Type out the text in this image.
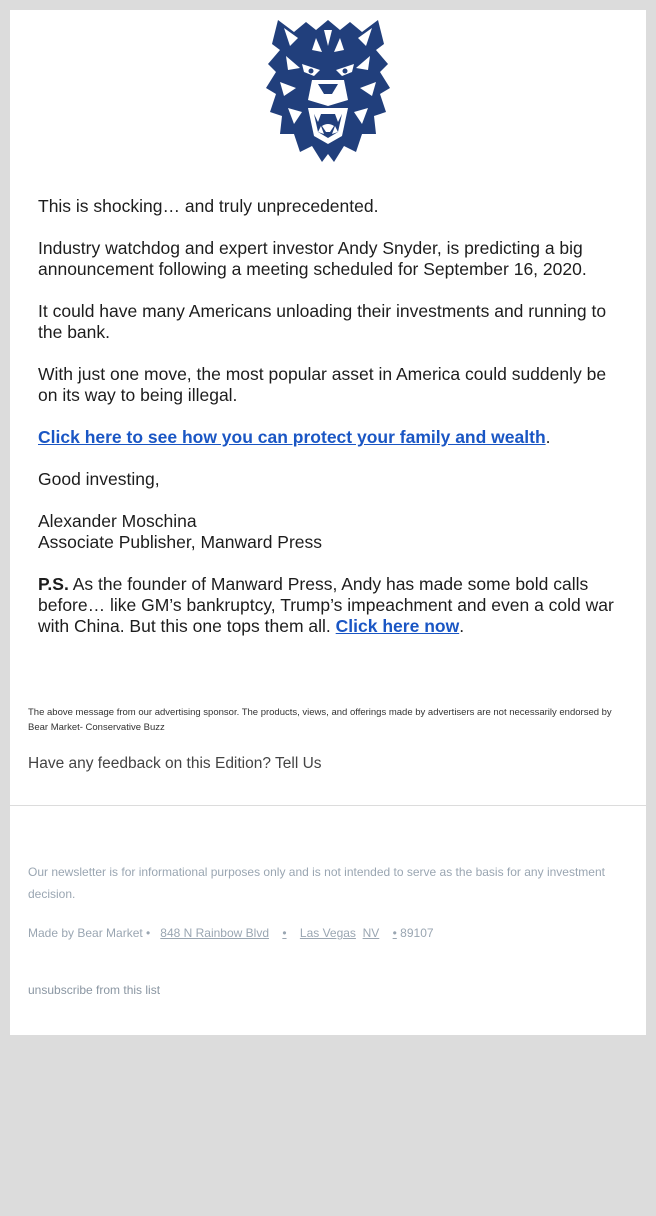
This is shocking… and truly unprecedented.

Industry watchdog and expert investor Andy Snyder, is predicting a big announcement following a meeting scheduled for September 16, 2020.

It could have many Americans unloading their investments and running to the bank.

With just one move, the most popular asset in America could suddenly be on its way to being illegal.

Click here to see how you can protect your family and wealth.

Good investing,

Alexander Moschina
Associate Publisher, Manward Press

P.S. As the founder of Manward Press, Andy has made some bold calls before… like GM’s bankruptcy, Trump’s impeachment and even a cold war with China. But this one tops them all. Click here now.

The above message from our advertising sponsor. The products, views, and offerings made by advertisers are not necessarily endorsed by Bear Market- Conservative Buzz
Have any feedback on this Edition? Tell Us
Our newsletter is for informational purposes only and is not intended to serve as the basis for any investment decision.
Made by Bear Market • 848 N Rainbow Blvd • Las Vegas NV • 89107
unsubscribe from this list
